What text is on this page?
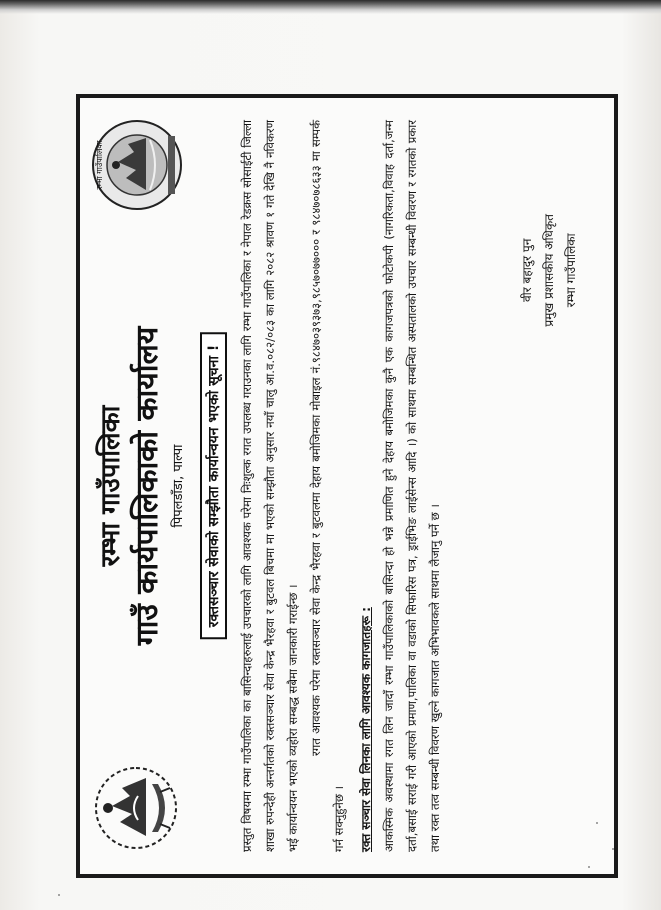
रम्भा गाउँपालिका
रम्भा गाउँपालिका गाउँ कार्यपालिकाको कार्यालय पिपलडाँडा, पाल्पा	रक्तसञ्चार सेवाको सम्झौता कार्यान्वयन भएको सूचना !	प्रस्तुत विषयमा रम्भा गाउँपालिका का बासिन्दाहरुलाई उपचारको लागि आवश्यक परेमा निःशुल्क रगत उपलब्ध गराउनका लागि रम्भा गाउँपालिका र नेपाल रेडक्रस सोसाईटी जिल्ला शाखा रुपन्देही अन्तर्गतको रक्तसञ्चार सेवा केन्द्र भैरहवा र बुटवल बिचमा मा भएको सम्झौता अनुसार नयाँ चालु आ.व.०८२/०८३ का लागि २०८२ श्रावण १ गते देखि नै नविकरण भई कार्यान्वयन भएको व्यहोरा सम्बद्ध सबैमा जानकारी गराईन्छ । रगत आवश्यक परेमा रक्तसञ्चार सेवा केन्द्र भैरहवा र बुटवलमा देहाय बमोजिमका मोबाइल नं.९८४७०३९३७३,९८५७०७७००० र ९८४७०७८६३३ मा सम्पर्क गर्न सक्नुहुनेछ ।	रक्त सञ्चार सेवा लिनका लागि आवश्यक कागजातहरू : आकस्मिक अवस्थामा रगत लिन जादाँ रम्भा गाउँपालिकाको बासिन्दा हो भन्ने प्रमाणित हुने देहाय बमोजिमका कुनै एक कागजपत्रको फोटोकपी (नागरिकता,विवाह दर्ता,जन्म दर्ता,बसाई सराई गरी आएको प्रमाण,पालिका वा वडाको सिफारिस पत्र, ड्राईभिङ लाईसेन्स आदि ।) को साथमा सम्बन्धित अस्पतालको उपचार सम्बन्धी विवरण र रगतको प्रकार तथा रक्त तत्व सम्बन्धी विवरण खुल्ने कागजात अभिभावकले साथमा लैजानु पर्ने छ ।

वीर बहादुर पुन प्रमुख प्रशासकीय अधिकृत रम्भा गाउँपालिका
